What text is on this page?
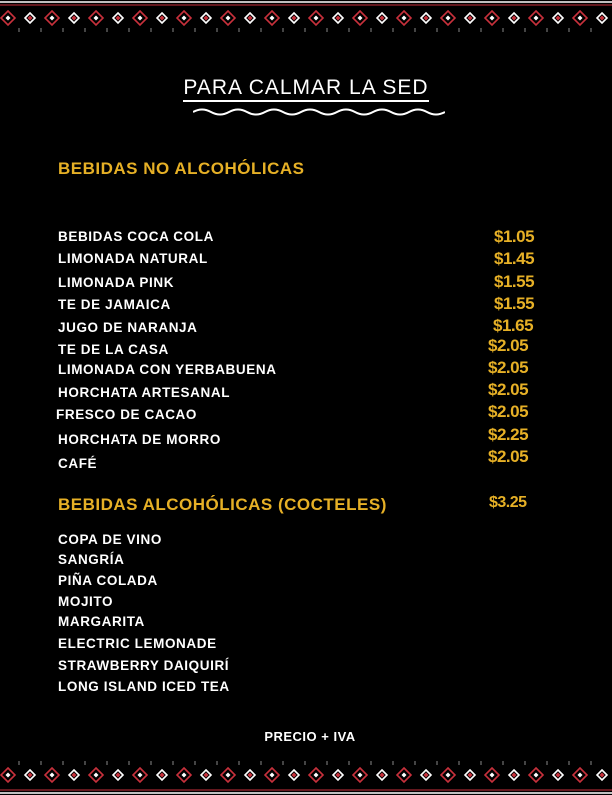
PARA CALMAR LA SED
BEBIDAS NO ALCOHÓLICAS
BEBIDAS COCA COLA
LIMONADA NATURAL
LIMONADA PINK
TE DE JAMAICA
JUGO DE NARANJA
TE DE LA CASA
LIMONADA CON YERBABUENA
HORCHATA ARTESANAL
FRESCO DE CACAO
HORCHATA DE MORRO
CAFÉ
$1.05
$1.45
$1.55
$1.55
$1.65
$2.05
$2.05
$2.05
$2.05
$2.25
$2.05
BEBIDAS ALCOHÓLICAS (COCTELES)	$3.25
COPA DE VINO
SANGRÍA
PIÑA COLADA
MOJITO
MARGARITA
ELECTRIC LEMONADE
STRAWBERRY DAIQUIRÍ
LONG ISLAND ICED TEA
PRECIO + IVA
